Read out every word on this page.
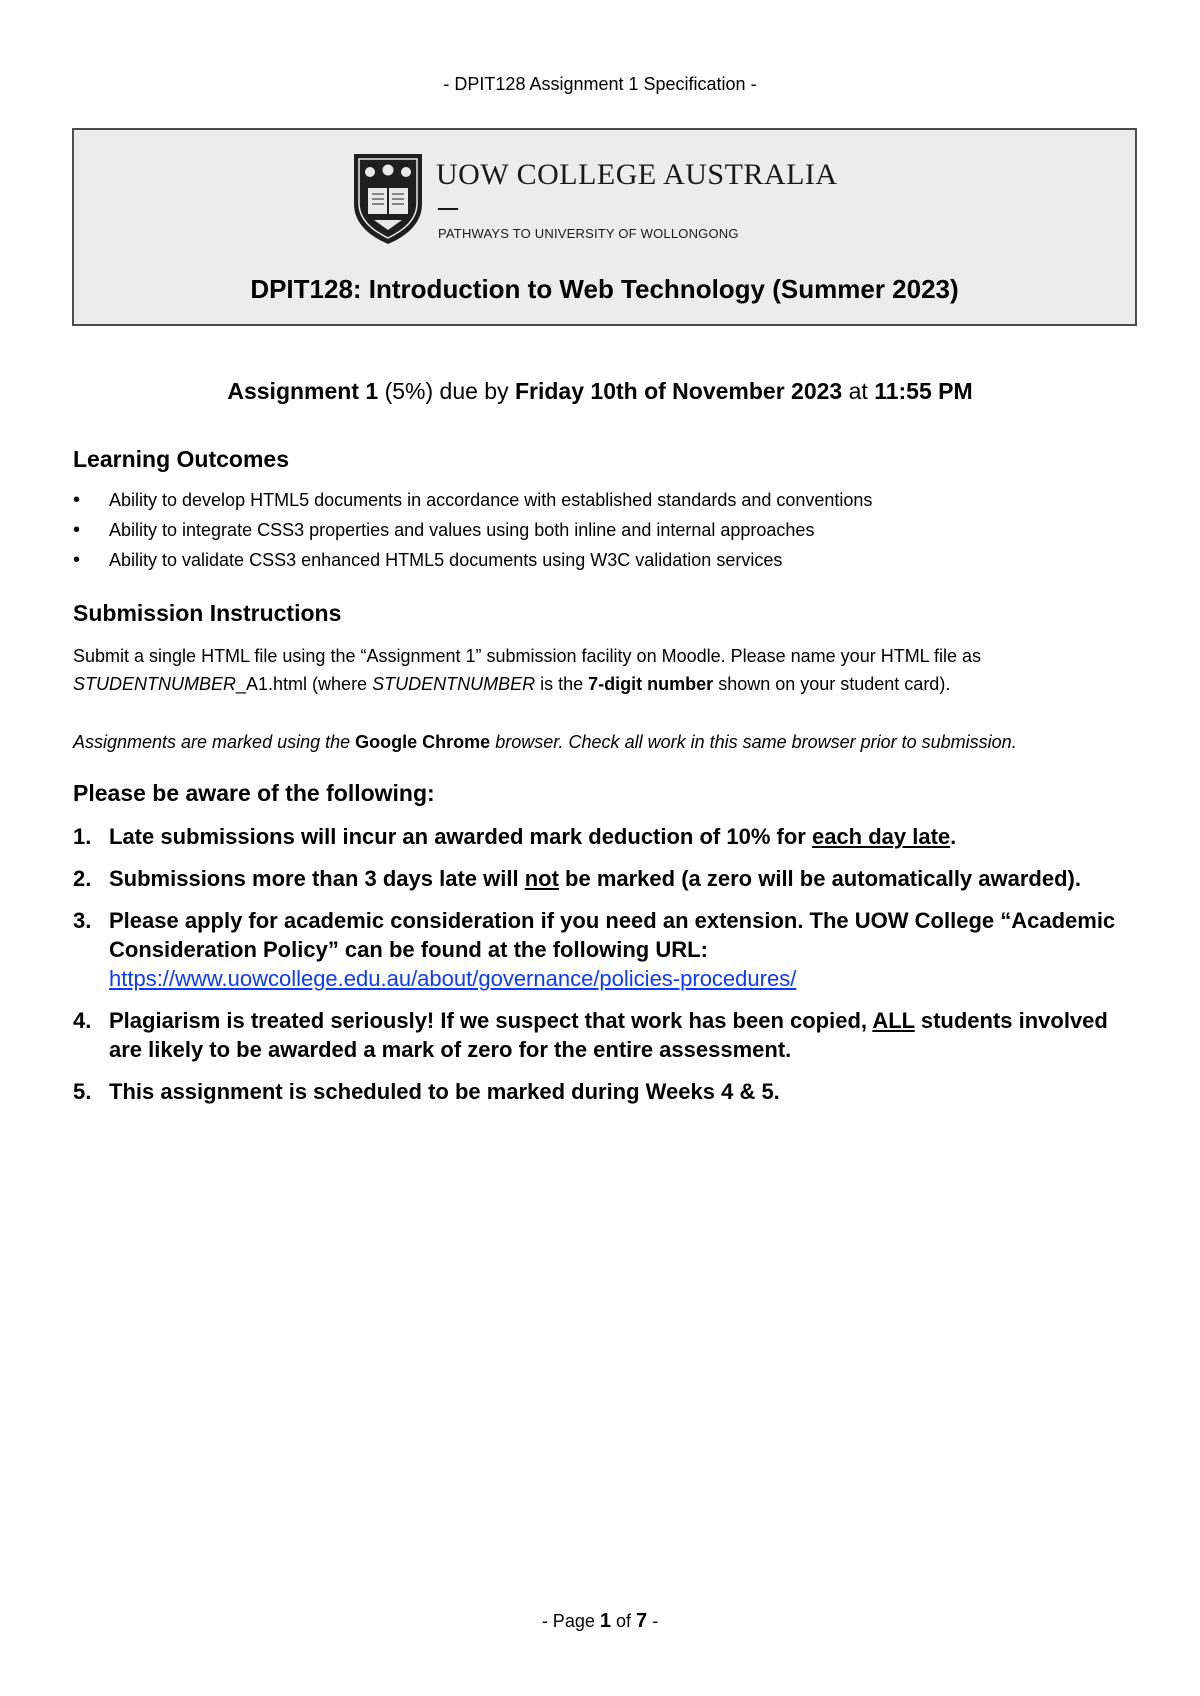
- DPIT128 Assignment 1 Specification -
UOW COLLEGE AUSTRALIA
PATHWAYS TO UNIVERSITY OF WOLLONGONG
DPIT128: Introduction to Web Technology (Summer 2023)
Assignment 1 (5%) due by Friday 10th of November 2023 at 11:55 PM
Learning Outcomes
• Ability to develop HTML5 documents in accordance with established standards and conventions
• Ability to integrate CSS3 properties and values using both inline and internal approaches
• Ability to validate CSS3 enhanced HTML5 documents using W3C validation services
Submission Instructions
Submit a single HTML file using the “Assignment 1” submission facility on Moodle. Please name your HTML file as
STUDENTNUMBER_A1.html (where STUDENTNUMBER is the 7-digit number shown on your student card).
Assignments are marked using the Google Chrome browser. Check all work in this same browser prior to submission.
Please be aware of the following:
1. Late submissions will incur an awarded mark deduction of 10% for each day late.
2. Submissions more than 3 days late will not be marked (a zero will be automatically awarded).
3. Please apply for academic consideration if you need an extension. The UOW College “Academic Consideration Policy” can be found at the following URL:
https://www.uowcollege.edu.au/about/governance/policies-procedures/
4. Plagiarism is treated seriously! If we suspect that work has been copied, ALL students involved are likely to be awarded a mark of zero for the entire assessment.
5. This assignment is scheduled to be marked during Weeks 4 & 5.
- Page 1 of 7 -
